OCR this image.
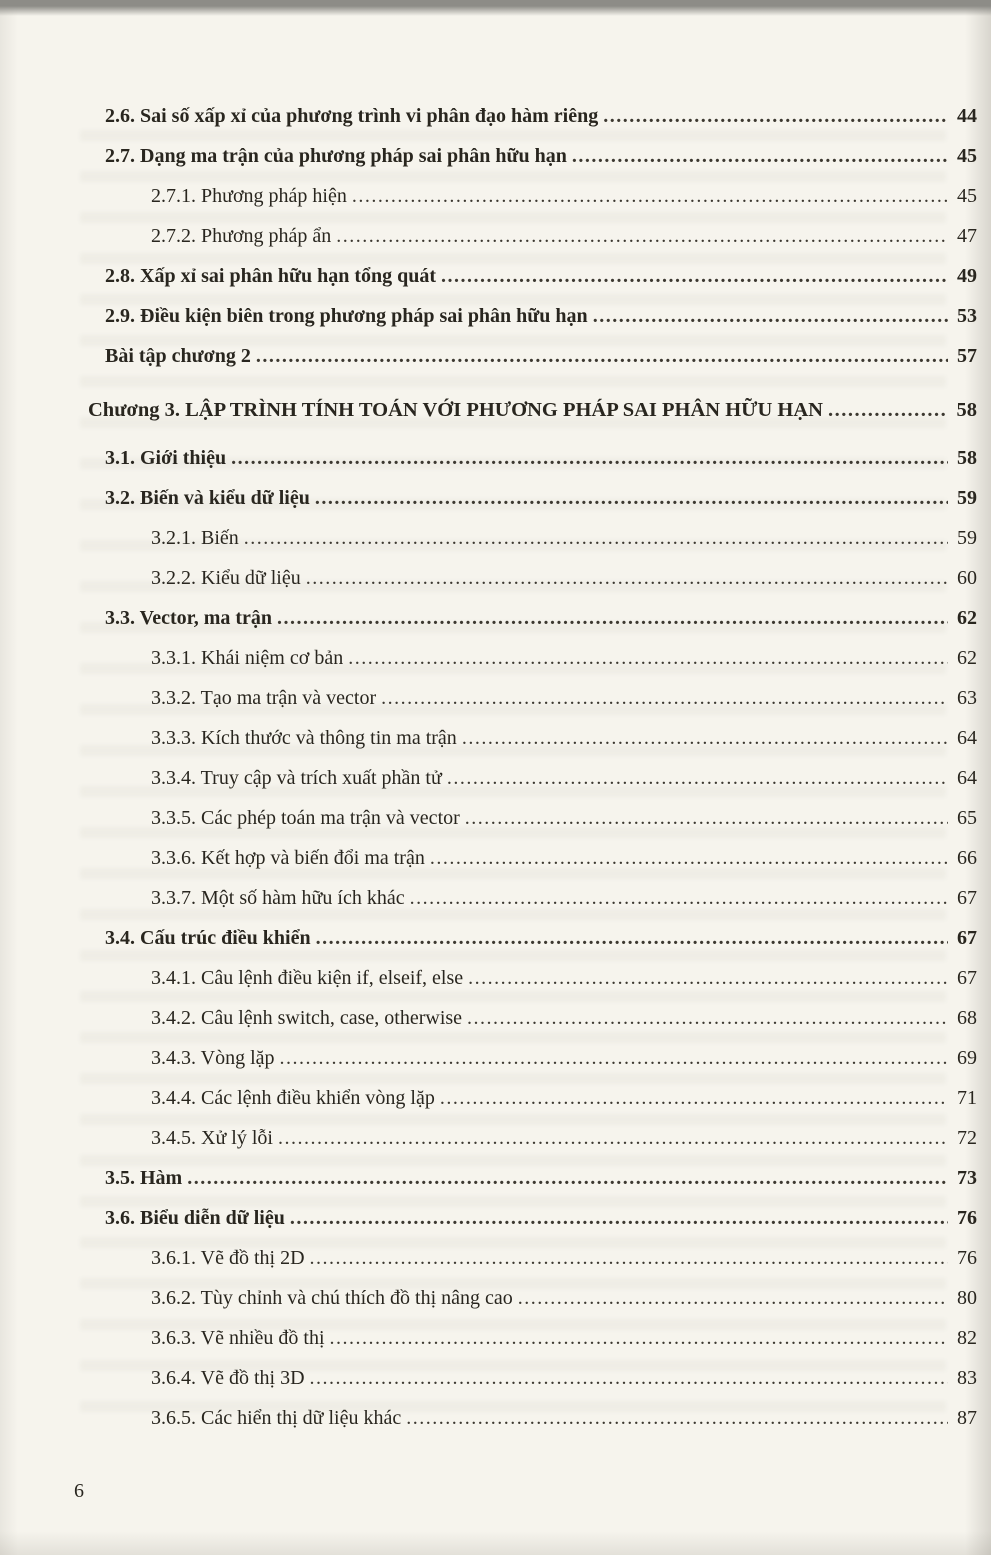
2.6. Sai số xấp xỉ của phương trình vi phân đạo hàm riêng .....	44
2.7. Dạng ma trận của phương pháp sai phân hữu hạn .....	45
2.7.1. Phương pháp hiện .....	45
2.7.2. Phương pháp ẩn .....	47
2.8. Xấp xỉ sai phân hữu hạn tổng quát .....	49
2.9. Điều kiện biên trong phương pháp sai phân hữu hạn .....	53
Bài tập chương 2 .....	57
Chương 3. LẬP TRÌNH TÍNH TOÁN VỚI PHƯƠNG PHÁP SAI PHÂN HỮU HẠN .....	58
3.1. Giới thiệu .....	58
3.2. Biến và kiểu dữ liệu .....	59
3.2.1. Biến .....	59
3.2.2. Kiểu dữ liệu .....	60
3.3. Vector, ma trận .....	62
3.3.1. Khái niệm cơ bản .....	62
3.3.2. Tạo ma trận và vector .....	63
3.3.3. Kích thước và thông tin ma trận .....	64
3.3.4. Truy cập và trích xuất phần tử .....	64
3.3.5. Các phép toán ma trận và vector .....	65
3.3.6. Kết hợp và biến đổi ma trận .....	66
3.3.7. Một số hàm hữu ích khác .....	67
3.4. Cấu trúc điều khiển .....	67
3.4.1. Câu lệnh điều kiện if, elseif, else .....	67
3.4.2. Câu lệnh switch, case, otherwise .....	68
3.4.3. Vòng lặp .....	69
3.4.4. Các lệnh điều khiển vòng lặp .....	71
3.4.5. Xử lý lỗi .....	72
3.5. Hàm .....	73
3.6. Biểu diễn dữ liệu .....	76
3.6.1. Vẽ đồ thị 2D .....	76
3.6.2. Tùy chỉnh và chú thích đồ thị nâng cao .....	80
3.6.3. Vẽ nhiều đồ thị .....	82
3.6.4. Vẽ đồ thị 3D .....	83
3.6.5. Các hiển thị dữ liệu khác .....	87
6
